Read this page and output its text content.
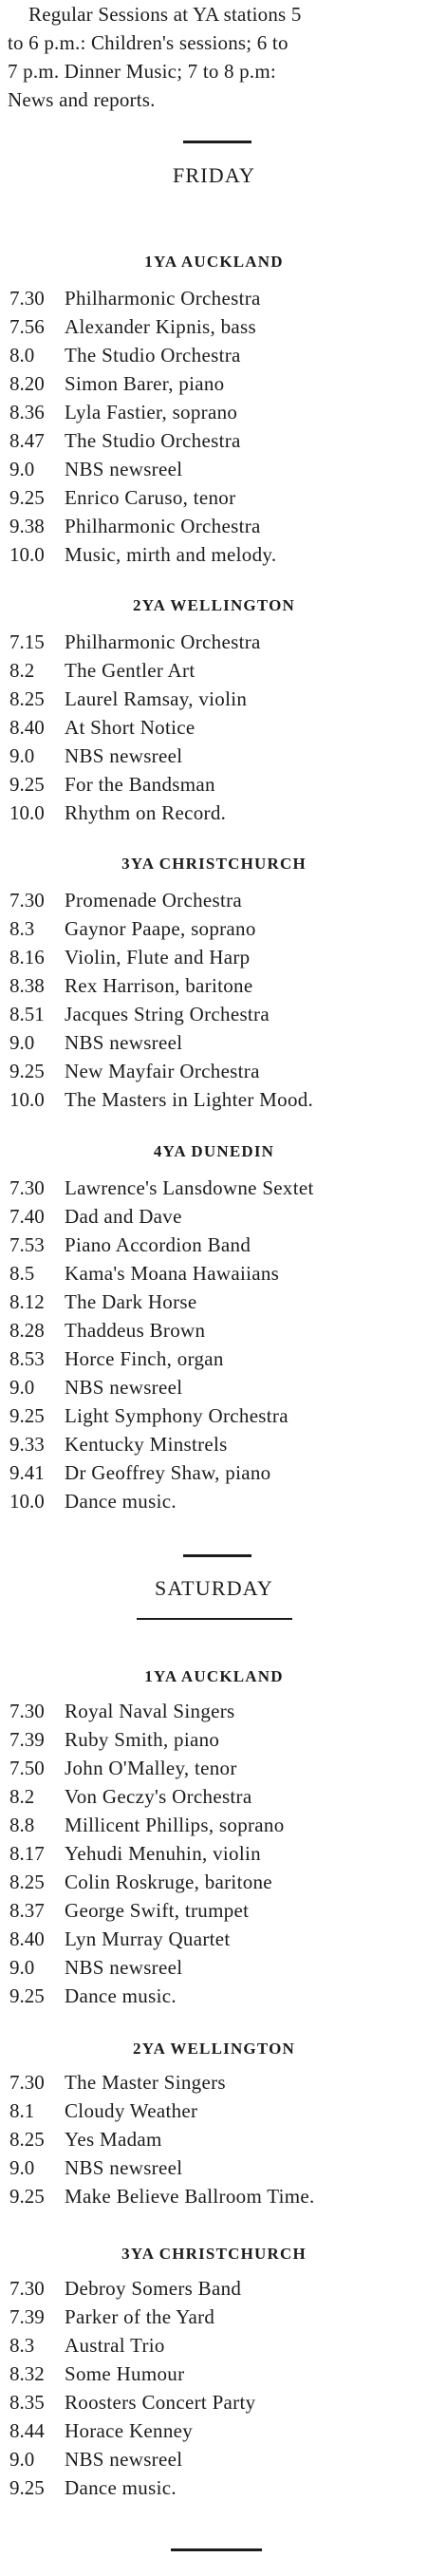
Regular Sessions at YA stations 5
to 6 p.m.: Children's sessions; 6 to
7 p.m. Dinner Music; 7 to 8 p.m:
News and reports.
FRIDAY
1YA AUCKLAND
7.30	Philharmonic Orchestra
7.56	Alexander Kipnis, bass
8.0	The Studio Orchestra
8.20	Simon Barer, piano
8.36	Lyla Fastier, soprano
8.47	The Studio Orchestra
9.0	NBS newsreel
9.25	Enrico Caruso, tenor
9.38	Philharmonic Orchestra
10.0	Music, mirth and melody.
2YA WELLINGTON
7.15	Philharmonic Orchestra
8.2	The Gentler Art
8.25	Laurel Ramsay, violin
8.40	At Short Notice
9.0	NBS newsreel
9.25	For the Bandsman
10.0	Rhythm on Record.
3YA CHRISTCHURCH
7.30	Promenade Orchestra
8.3	Gaynor Paape, soprano
8.16	Violin, Flute and Harp
8.38	Rex Harrison, baritone
8.51	Jacques String Orchestra
9.0	NBS newsreel
9.25	New Mayfair Orchestra
10.0	The Masters in Lighter Mood.
4YA DUNEDIN
7.30	Lawrence's Lansdowne Sextet
7.40	Dad and Dave
7.53	Piano Accordion Band
8.5	Kama's Moana Hawaiians
8.12	The Dark Horse
8.28	Thaddeus Brown
8.53	Horce Finch, organ
9.0	NBS newsreel
9.25	Light Symphony Orchestra
9.33	Kentucky Minstrels
9.41	Dr Geoffrey Shaw, piano
10.0	Dance music.
SATURDAY
1YA AUCKLAND
7.30	Royal Naval Singers
7.39	Ruby Smith, piano
7.50	John O'Malley, tenor
8.2	Von Geczy's Orchestra
8.8	Millicent Phillips, soprano
8.17	Yehudi Menuhin, violin
8.25	Colin Roskruge, baritone
8.37	George Swift, trumpet
8.40	Lyn Murray Quartet
9.0	NBS newsreel
9.25	Dance music.
2YA WELLINGTON
7.30	The Master Singers
8.1	Cloudy Weather
8.25	Yes Madam
9.0	NBS newsreel
9.25	Make Believe Ballroom Time.
3YA CHRISTCHURCH
7.30	Debroy Somers Band
7.39	Parker of the Yard
8.3	Austral Trio
8.32	Some Humour
8.35	Roosters Concert Party
8.44	Horace Kenney
9.0	NBS newsreel
9.25	Dance music.
